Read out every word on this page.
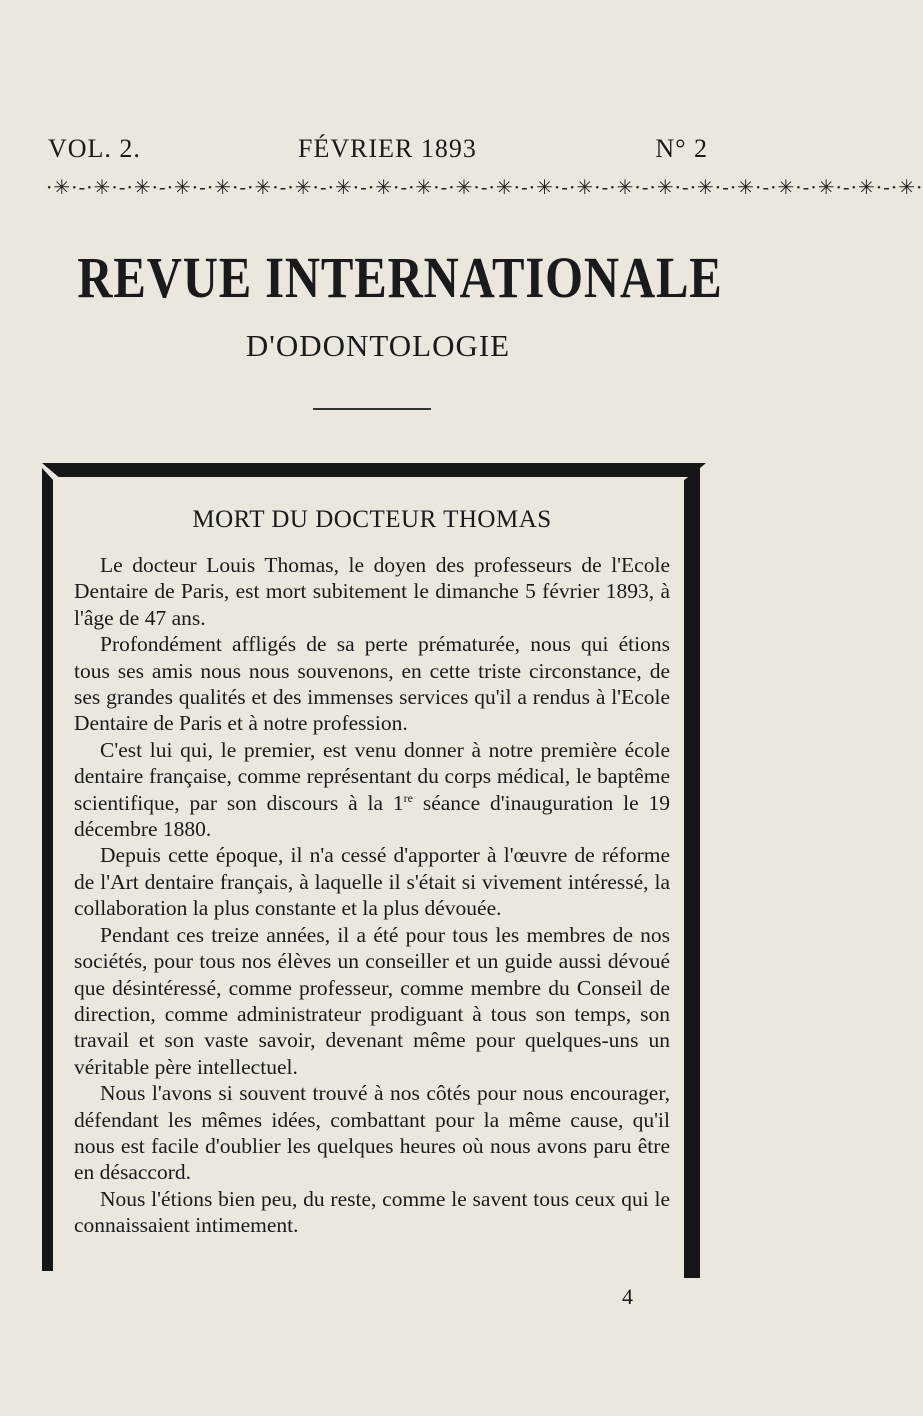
VOL. 2.	FÉVRIER 1893	N° 2
·✳·-·✳·-·✳·-·✳·-·✳·-·✳·-·✳·-·✳·-·✳·-·✳·-·✳·-·✳·-·✳·-·✳·-·✳·-·✳·-·✳·-·✳·-·✳·-·✳·-·✳·-·✳·
REVUE INTERNATIONALE
D'ODONTOLOGIE
MORT DU DOCTEUR THOMAS

Le docteur Louis Thomas, le doyen des professeurs de l'Ecole Dentaire de Paris, est mort subitement le dimanche 5 février 1893, à l'âge de 47 ans.

Profondément affligés de sa perte prématurée, nous qui étions tous ses amis nous nous souvenons, en cette triste circonstance, de ses grandes qualités et des immenses services qu'il a rendus à l'Ecole Dentaire de Paris et à notre profession.

C'est lui qui, le premier, est venu donner à notre première école dentaire française, comme représentant du corps médical, le baptême scientifique, par son discours à la 1re séance d'inauguration le 19 décembre 1880.

Depuis cette époque, il n'a cessé d'apporter à l'œuvre de réforme de l'Art dentaire français, à laquelle il s'était si vivement intéressé, la collaboration la plus constante et la plus dévouée.

Pendant ces treize années, il a été pour tous les membres de nos sociétés, pour tous nos élèves un conseiller et un guide aussi dévoué que désintéressé, comme professeur, comme membre du Conseil de direction, comme administrateur prodiguant à tous son temps, son travail et son vaste savoir, devenant même pour quelques-uns un véritable père intellectuel.

Nous l'avons si souvent trouvé à nos côtés pour nous encourager, défendant les mêmes idées, combattant pour la même cause, qu'il nous est facile d'oublier les quelques heures où nous avons paru être en désaccord.

Nous l'étions bien peu, du reste, comme le savent tous ceux qui le connaissaient intimement.

4
